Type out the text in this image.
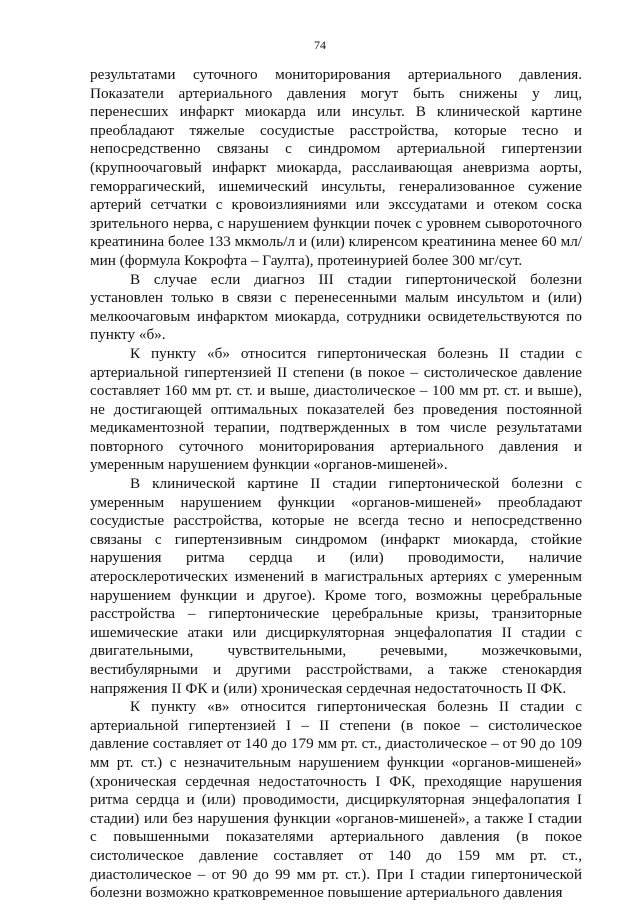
74

результатами суточного мониторирования артериального давления. Показатели артериального давления могут быть снижены у лиц, перенесших инфаркт миокарда или инсульт. В клинической картине преобладают тяжелые сосудистые расстройства, которые тесно и непосредственно связаны с синдромом артериальной гипертензии (крупноочаговый инфаркт миокарда, расслаивающая аневризма аорты, геморрагический, ишемический инсульты, генерализованное сужение артерий сетчатки с кровоизлияниями или экссудатами и отеком соска зрительного нерва, с нарушением функции почек с уровнем сывороточного креатинина более 133 мкмоль/л и (или) клиренсом креатинина менее 60 мл/мин (формула Кокрофта – Гаулта), протеинурией более 300 мг/сут.

В случае если диагноз III стадии гипертонической болезни установлен только в связи с перенесенными малым инсультом и (или) мелкоочаговым инфарктом миокарда, сотрудники освидетельствуются по пункту «б».

К пункту «б» относится гипертоническая болезнь II стадии с артериальной гипертензией II степени (в покое – систолическое давление составляет 160 мм рт. ст. и выше, диастолическое – 100 мм рт. ст. и выше), не достигающей оптимальных показателей без проведения постоянной медикаментозной терапии, подтвержденных в том числе результатами повторного суточного мониторирования артериального давления и умеренным нарушением функции «органов-мишеней».

В клинической картине II стадии гипертонической болезни с умеренным нарушением функции «органов-мишеней» преобладают сосудистые расстройства, которые не всегда тесно и непосредственно связаны с гипертензивным синдромом (инфаркт миокарда, стойкие нарушения ритма сердца и (или) проводимости, наличие атеросклеротических изменений в магистральных артериях с умеренным нарушением функции и другое). Кроме того, возможны церебральные расстройства – гипертонические церебральные кризы, транзиторные ишемические атаки или дисциркуляторная энцефалопатия II стадии с двигательными, чувствительными, речевыми, мозжечковыми, вестибулярными и другими расстройствами, а также стенокардия напряжения II ФК и (или) хроническая сердечная недостаточность II ФК.

К пункту «в» относится гипертоническая болезнь II стадии с артериальной гипертензией I – II степени (в покое – систолическое давление составляет от 140 до 179 мм рт. ст., диастолическое – от 90 до 109 мм рт. ст.) с незначительным нарушением функции «органов-мишеней» (хроническая сердечная недостаточность I ФК, преходящие нарушения ритма сердца и (или) проводимости, дисциркуляторная энцефалопатия I стадии) или без нарушения функции «органов-мишеней», а также I стадии с повышенными показателями артериального давления (в покое систолическое давление составляет от 140 до 159 мм рт. ст., диастолическое – от 90 до 99 мм рт. ст.). При I стадии гипертонической болезни возможно кратковременное повышение артериального давления
